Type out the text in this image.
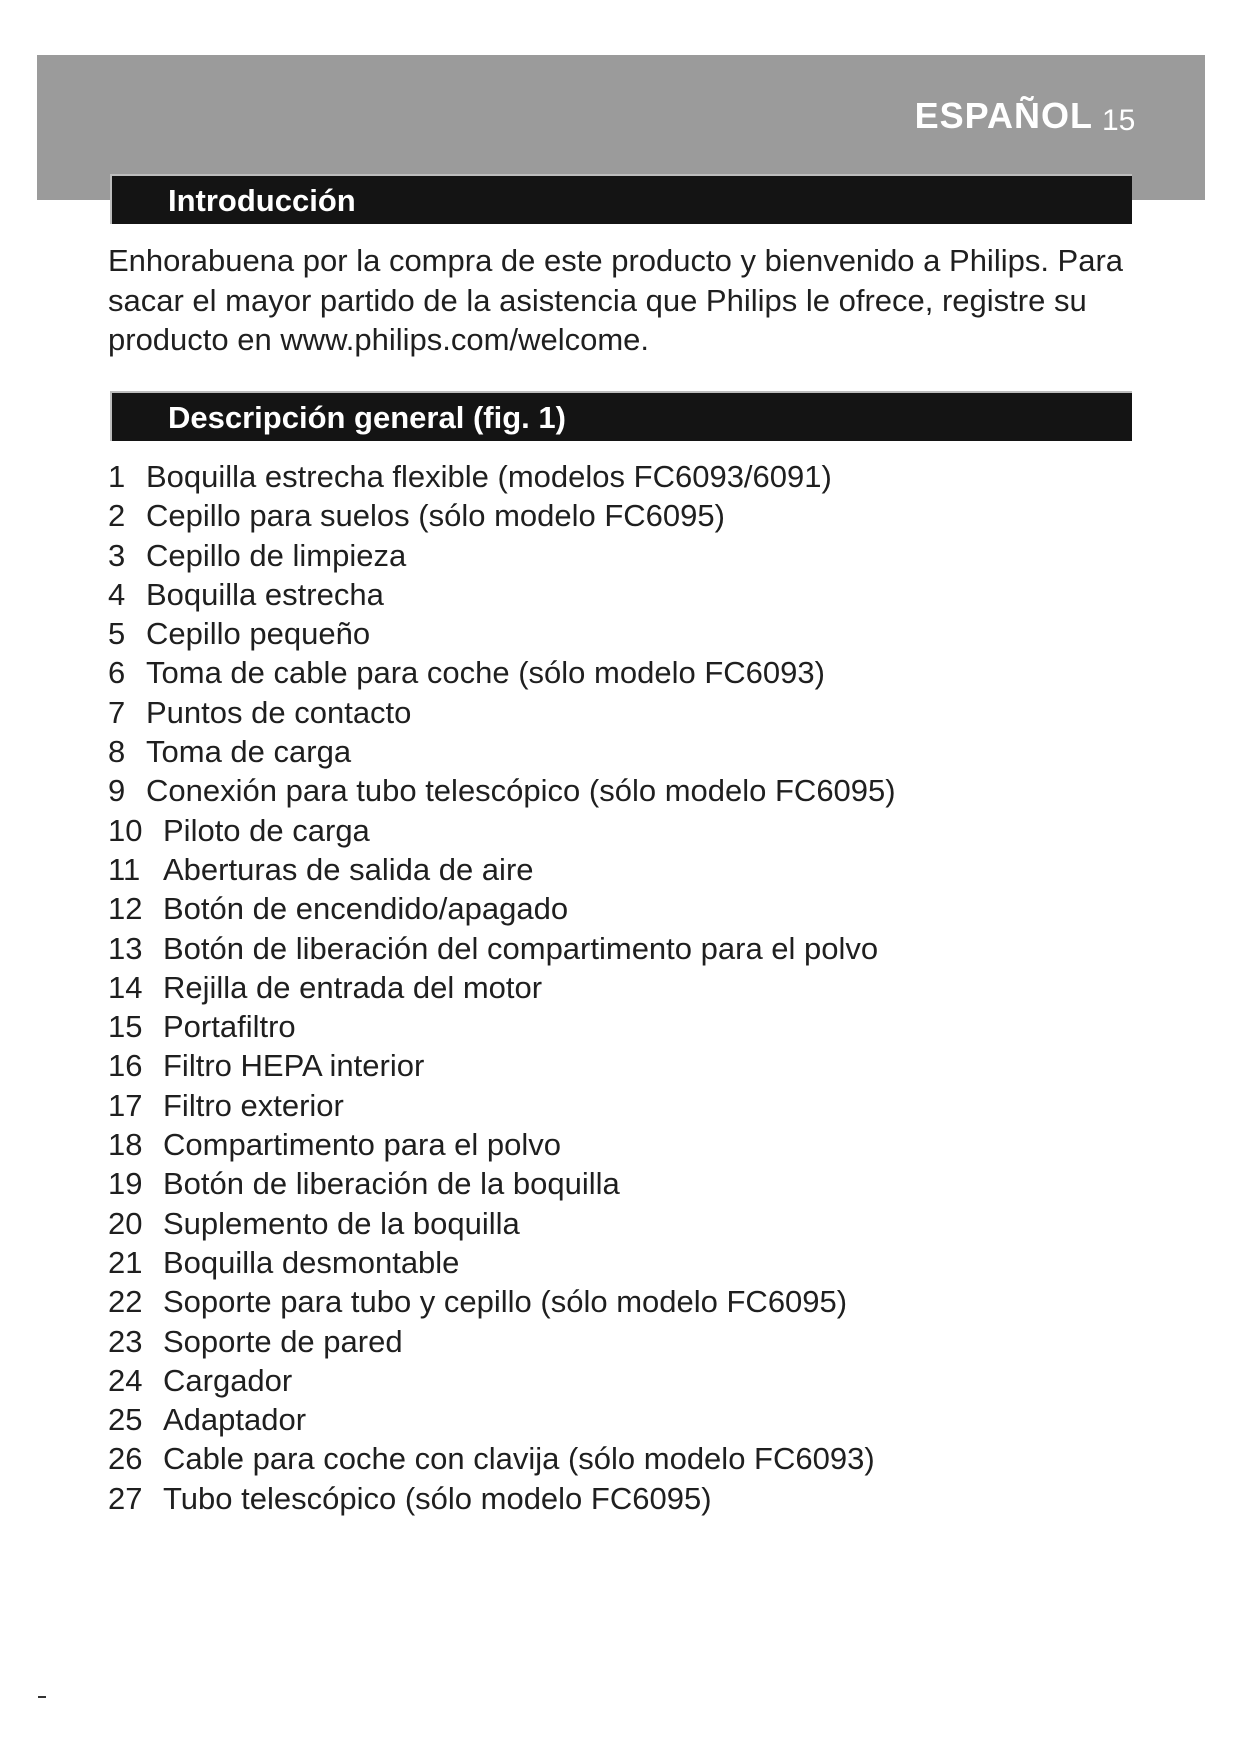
ESPAÑOL 15
Introducción
Enhorabuena por la compra de este producto y bienvenido a Philips. Para sacar el mayor partido de la asistencia que Philips le ofrece, registre su producto en www.philips.com/welcome.
Descripción general (fig. 1)
1 Boquilla estrecha flexible (modelos FC6093/6091)
2 Cepillo para suelos (sólo modelo FC6095)
3 Cepillo de limpieza
4 Boquilla estrecha
5 Cepillo pequeño
6 Toma de cable para coche (sólo modelo FC6093)
7 Puntos de contacto
8 Toma de carga
9 Conexión para tubo telescópico (sólo modelo FC6095)
10 Piloto de carga
11 Aberturas de salida de aire
12 Botón de encendido/apagado
13 Botón de liberación del compartimento para el polvo
14 Rejilla de entrada del motor
15 Portafiltro
16 Filtro HEPA interior
17 Filtro exterior
18 Compartimento para el polvo
19 Botón de liberación de la boquilla
20 Suplemento de la boquilla
21 Boquilla desmontable
22 Soporte para tubo y cepillo (sólo modelo FC6095)
23 Soporte de pared
24 Cargador
25 Adaptador
26 Cable para coche con clavija (sólo modelo FC6093)
27 Tubo telescópico (sólo modelo FC6095)
